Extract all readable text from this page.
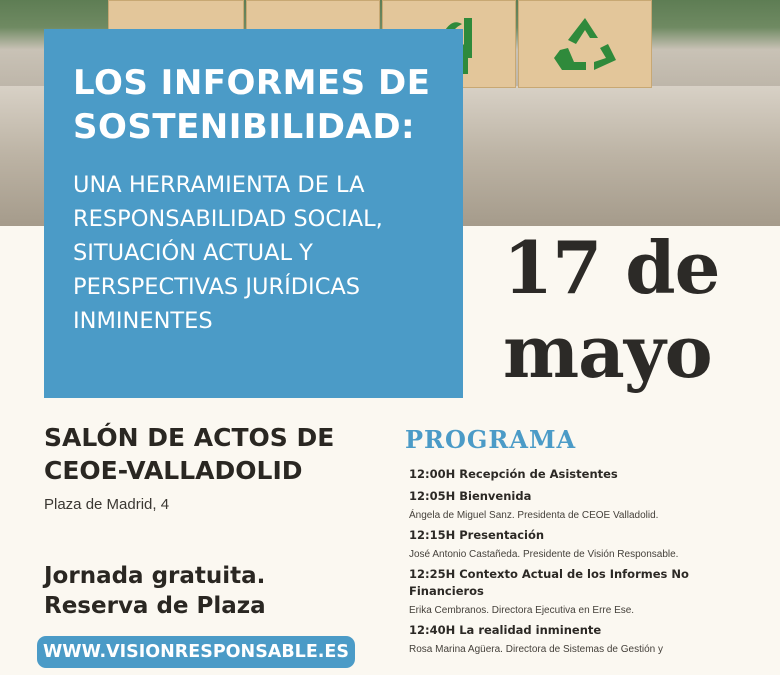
LOS INFORMES DE SOSTENIBILIDAD:

UNA HERRAMIENTA DE LA RESPONSABILIDAD SOCIAL, SITUACIÓN ACTUAL Y PERSPECTIVAS JURÍDICAS INMINENTES

17 de mayo
SALÓN DE ACTOS DE CEOE-VALLADOLID
Plaza de Madrid, 4
Jornada gratuita. Reserva de Plaza
WWW.VISIONRESPONSABLE.ES
PROGRAMA
12:00H Recepción de Asistentes
12:05H Bienvenida
Ángela de Miguel Sanz. Presidenta de CEOE Valladolid.
12:15H Presentación
José Antonio Castañeda. Presidente de Visión Responsable.
12:25H Contexto Actual de los Informes No Financieros
Erika Cembranos. Directora Ejecutiva en Erre Ese.
12:40H La realidad inminente
Rosa Marina Agüera. Directora de Sistemas de Gestión y
